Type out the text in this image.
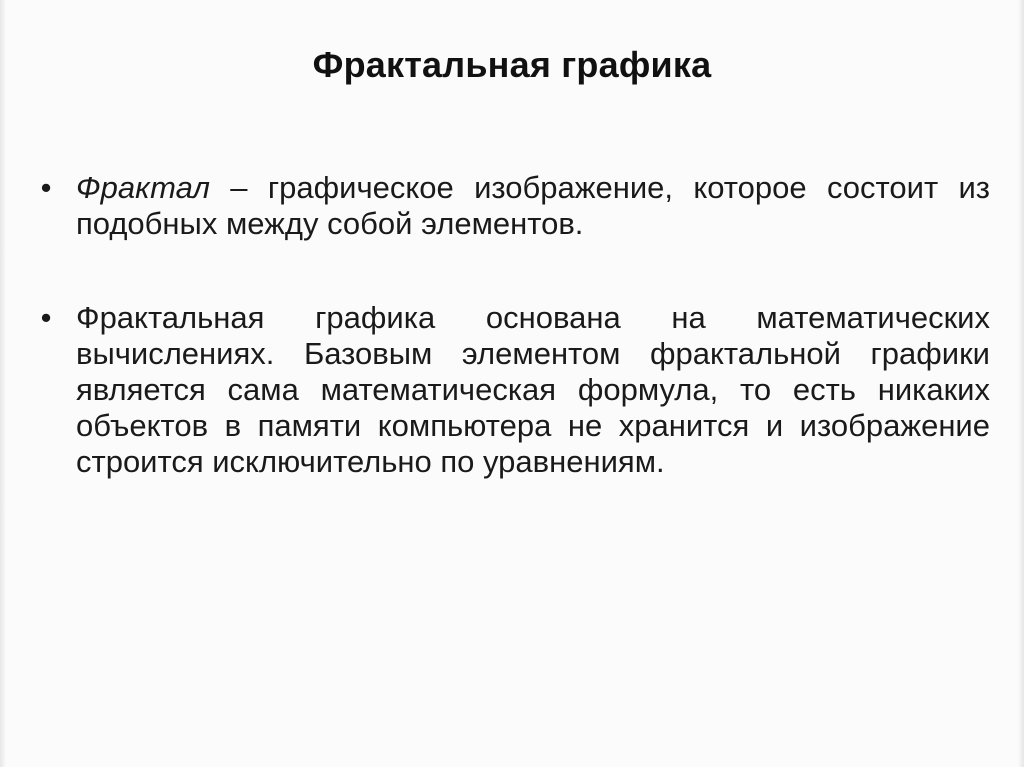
Фрактальная графика
• Фрактал – графическое изображение, которое состоит из подобных между собой элементов.
• Фрактальная графика основана на математических вычислениях. Базовым элементом фрактальной графики является сама математическая формула, то есть никаких объектов в памяти компьютера не хранится и изображение строится исключительно по уравнениям.
